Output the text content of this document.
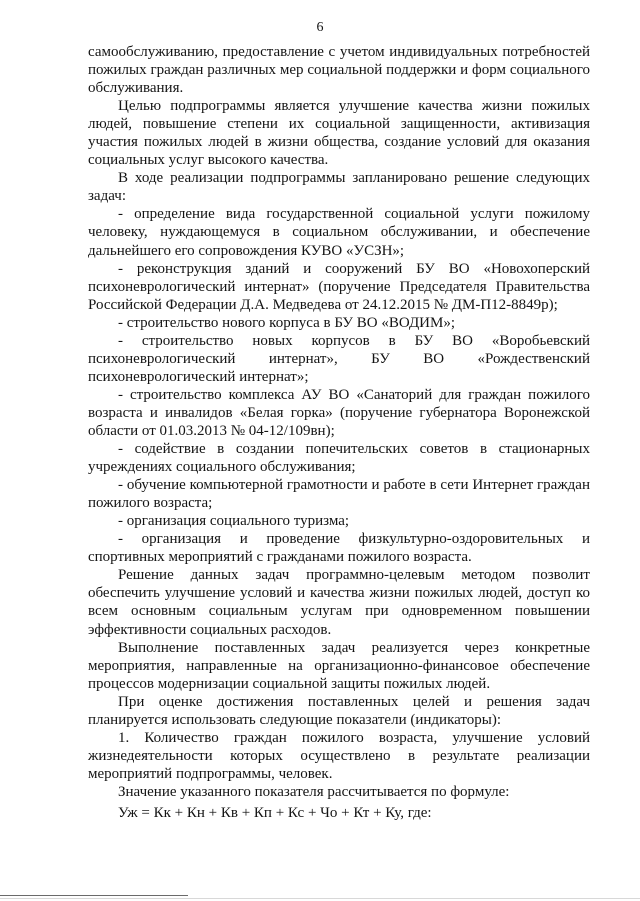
6

самообслуживанию, предоставление с учетом индивидуальных потребностей пожилых граждан различных мер социальной поддержки и форм социального обслуживания.

Целью подпрограммы является улучшение качества жизни пожилых людей, повышение степени их социальной защищенности, активизация участия пожилых людей в жизни общества, создание условий для оказания социальных услуг высокого качества.

В ходе реализации подпрограммы запланировано решение следующих задач:

- определение вида государственной социальной услуги пожилому человеку, нуждающемуся в социальном обслуживании, и обеспечение дальнейшего его сопровождения КУВО «УСЗН»;

- реконструкция зданий и сооружений БУ ВО «Новохоперский психоневрологический интернат» (поручение Председателя Правительства Российской Федерации Д.А. Медведева от 24.12.2015 № ДМ-П12-8849р);

- строительство нового корпуса в БУ ВО «ВОДИМ»;

- строительство новых корпусов в БУ ВО «Воробьевский психоневрологический интернат», БУ ВО «Рождественский психоневрологический интернат»;

- строительство комплекса АУ ВО «Санаторий для граждан пожилого возраста и инвалидов «Белая горка» (поручение губернатора Воронежской области от 01.03.2013 № 04-12/109вн);

- содействие в создании попечительских советов в стационарных учреждениях социального обслуживания;

- обучение компьютерной грамотности и работе в сети Интернет граждан пожилого возраста;

- организация социального туризма;

- организация и проведение физкультурно-оздоровительных и спортивных мероприятий с гражданами пожилого возраста.

Решение данных задач программно-целевым методом позволит обеспечить улучшение условий и качества жизни пожилых людей, доступ ко всем основным социальным услугам при одновременном повышении эффективности социальных расходов.

Выполнение поставленных задач реализуется через конкретные мероприятия, направленные на организационно-финансовое обеспечение процессов модернизации социальной защиты пожилых людей.

При оценке достижения поставленных целей и решения задач планируется использовать следующие показатели (индикаторы):

1. Количество граждан пожилого возраста, улучшение условий жизнедеятельности которых осуществлено в результате реализации мероприятий подпрограммы, человек.

Значение указанного показателя рассчитывается по формуле:

Уж = Кк + Кн + Кв + Кп + Кс + Чо + Кт + Ку, где:
